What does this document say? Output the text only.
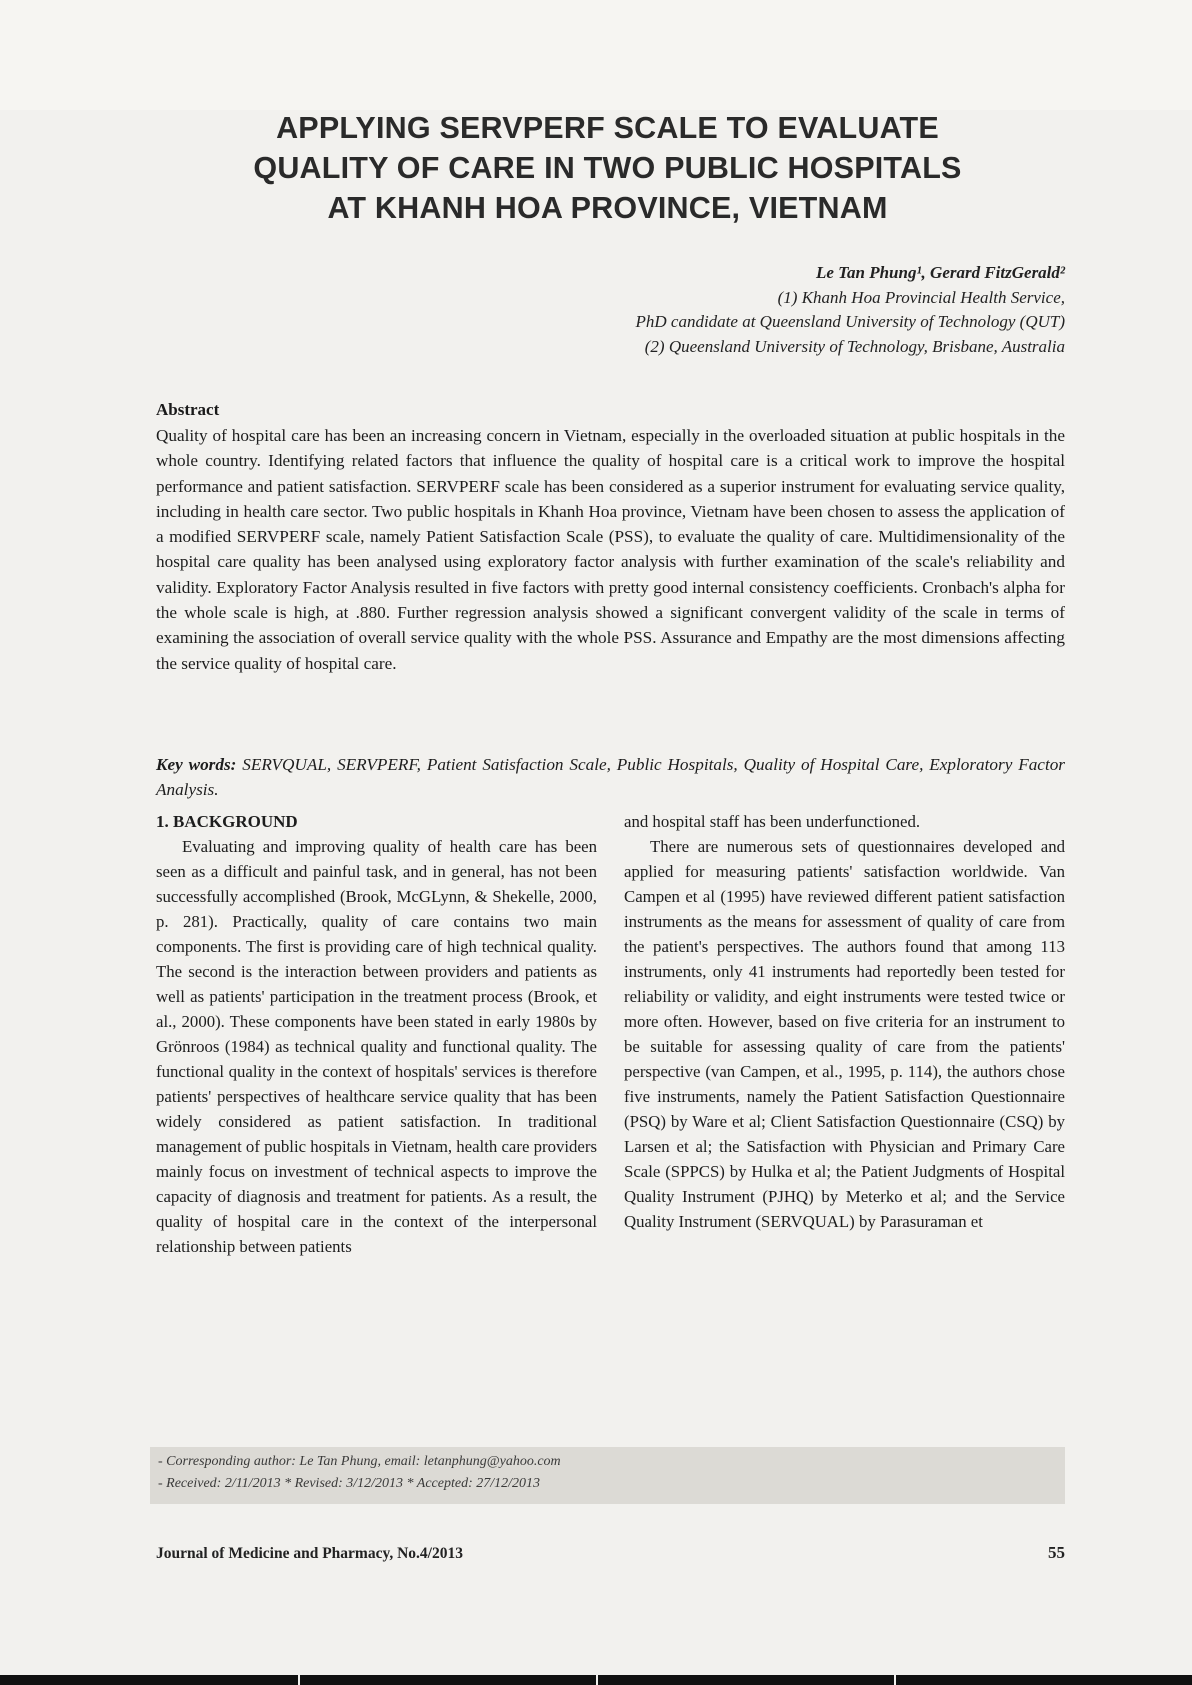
APPLYING SERVPERF SCALE TO EVALUATE
QUALITY OF CARE IN TWO PUBLIC HOSPITALS
AT KHANH HOA PROVINCE, VIETNAM
Le Tan Phung¹, Gerard FitzGerald²
(1) Khanh Hoa Provincial Health Service,
PhD candidate at Queensland University of Technology (QUT)
(2) Queensland University of Technology, Brisbane, Australia
Abstract
Quality of hospital care has been an increasing concern in Vietnam, especially in the overloaded situation at public hospitals in the whole country. Identifying related factors that influence the quality of hospital care is a critical work to improve the hospital performance and patient satisfaction. SERVPERF scale has been considered as a superior instrument for evaluating service quality, including in health care sector. Two public hospitals in Khanh Hoa province, Vietnam have been chosen to assess the application of a modified SERVPERF scale, namely Patient Satisfaction Scale (PSS), to evaluate the quality of care. Multidimensionality of the hospital care quality has been analysed using exploratory factor analysis with further examination of the scale's reliability and validity. Exploratory Factor Analysis resulted in five factors with pretty good internal consistency coefficients. Cronbach's alpha for the whole scale is high, at .880. Further regression analysis showed a significant convergent validity of the scale in terms of examining the association of overall service quality with the whole PSS. Assurance and Empathy are the most dimensions affecting the service quality of hospital care.
Key words: SERVQUAL, SERVPERF, Patient Satisfaction Scale, Public Hospitals, Quality of Hospital Care, Exploratory Factor Analysis.

1. BACKGROUND

Evaluating and improving quality of health care has been seen as a difficult and painful task, and in general, has not been successfully accomplished (Brook, McGLynn, & Shekelle, 2000, p. 281). Practically, quality of care contains two main components. The first is providing care of high technical quality. The second is the interaction between providers and patients as well as patients' participation in the treatment process (Brook, et al., 2000). These components have been stated in early 1980s by Grönroos (1984) as technical quality and functional quality. The functional quality in the context of hospitals' services is therefore patients' perspectives of healthcare service quality that has been widely considered as patient satisfaction. In traditional management of public hospitals in Vietnam, health care providers mainly focus on investment of technical aspects to improve the capacity of diagnosis and treatment for patients. As a result, the quality of hospital care in the context of the interpersonal relationship between patients

and hospital staff has been underfunctioned.

There are numerous sets of questionnaires developed and applied for measuring patients' satisfaction worldwide. Van Campen et al (1995) have reviewed different patient satisfaction instruments as the means for assessment of quality of care from the patient's perspectives. The authors found that among 113 instruments, only 41 instruments had reportedly been tested for reliability or validity, and eight instruments were tested twice or more often. However, based on five criteria for an instrument to be suitable for assessing quality of care from the patients' perspective (van Campen, et al., 1995, p. 114), the authors chose five instruments, namely the Patient Satisfaction Questionnaire (PSQ) by Ware et al; Client Satisfaction Questionnaire (CSQ) by Larsen et al; the Satisfaction with Physician and Primary Care Scale (SPPCS) by Hulka et al; the Patient Judgments of Hospital Quality Instrument (PJHQ) by Meterko et al; and the Service Quality Instrument (SERVQUAL) by Parasuraman et

- Corresponding author: Le Tan Phung, email: letanphung@yahoo.com
- Received: 2/11/2013 * Revised: 3/12/2013 * Accepted: 27/12/2013
Journal of Medicine and Pharmacy, No.4/2013	55
